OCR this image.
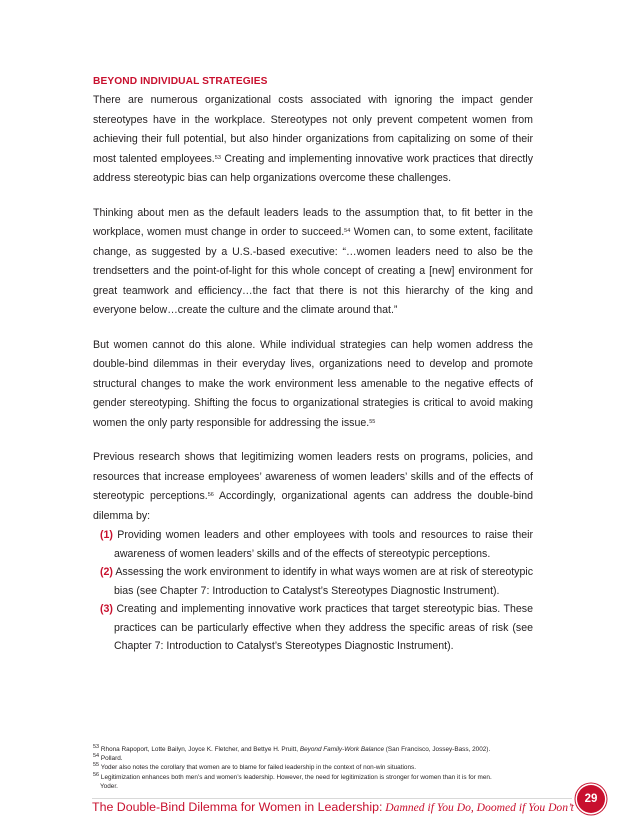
BEYOND INDIVIDUAL STRATEGIES

There are numerous organizational costs associated with ignoring the impact gender stereotypes have in the workplace. Stereotypes not only prevent competent women from achieving their full potential, but also hinder organizations from capitalizing on some of their most talented employees.$^{53}$ Creating and implementing innovative work practices that directly address stereotypic bias can help organizations overcome these challenges.

Thinking about men as the default leaders leads to the assumption that, to fit better in the workplace, women must change in order to succeed.$^{54}$ Women can, to some extent, facilitate change, as suggested by a U.S.-based executive: “…women leaders need to also be the trendsetters and the point-of-light for this whole concept of creating a [new] environment for great teamwork and efficiency…the fact that there is not this hierarchy of the king and everyone below…create the culture and the climate around that.”

But women cannot do this alone. While individual strategies can help women address the double-bind dilemmas in their everyday lives, organizations need to develop and promote structural changes to make the work environment less amenable to the negative effects of gender stereotyping. Shifting the focus to organizational strategies is critical to avoid making women the only party responsible for addressing the issue.$^{55}$

Previous research shows that legitimizing women leaders rests on programs, policies, and resources that increase employees’ awareness of women leaders’ skills and of the effects of stereotypic perceptions.$^{56}$ Accordingly, organizational agents can address the double-bind dilemma by:

(1) Providing women leaders and other employees with tools and resources to raise their awareness of women leaders’ skills and of the effects of stereotypic perceptions.
(2) Assessing the work environment to identify in what ways women are at risk of stereotypic bias (see Chapter 7: Introduction to Catalyst’s Stereotypes Diagnostic Instrument).
(3) Creating and implementing innovative work practices that target stereotypic bias. These practices can be particularly effective when they address the specific areas of risk (see Chapter 7: Introduction to Catalyst’s Stereotypes Diagnostic Instrument).

$^{53}$ Rhona Rapoport, Lotte Bailyn, Joyce K. Fletcher, and Bettye H. Pruitt, Beyond Family-Work Balance (San Francisco, Jossey-Bass, 2002).

$^{54}$ Pollard.

$^{55}$ Yoder also notes the corollary that women are to blame for failed leadership in the context of non-win situations.

$^{56}$ Legitimization enhances both men’s and women’s leadership. However, the need for legitimization is stronger for women than it is for men.

Yoder.

The Double-Bind Dilemma for Women in Leadership: Damned if You Do, Doomed if You Don’t
29
